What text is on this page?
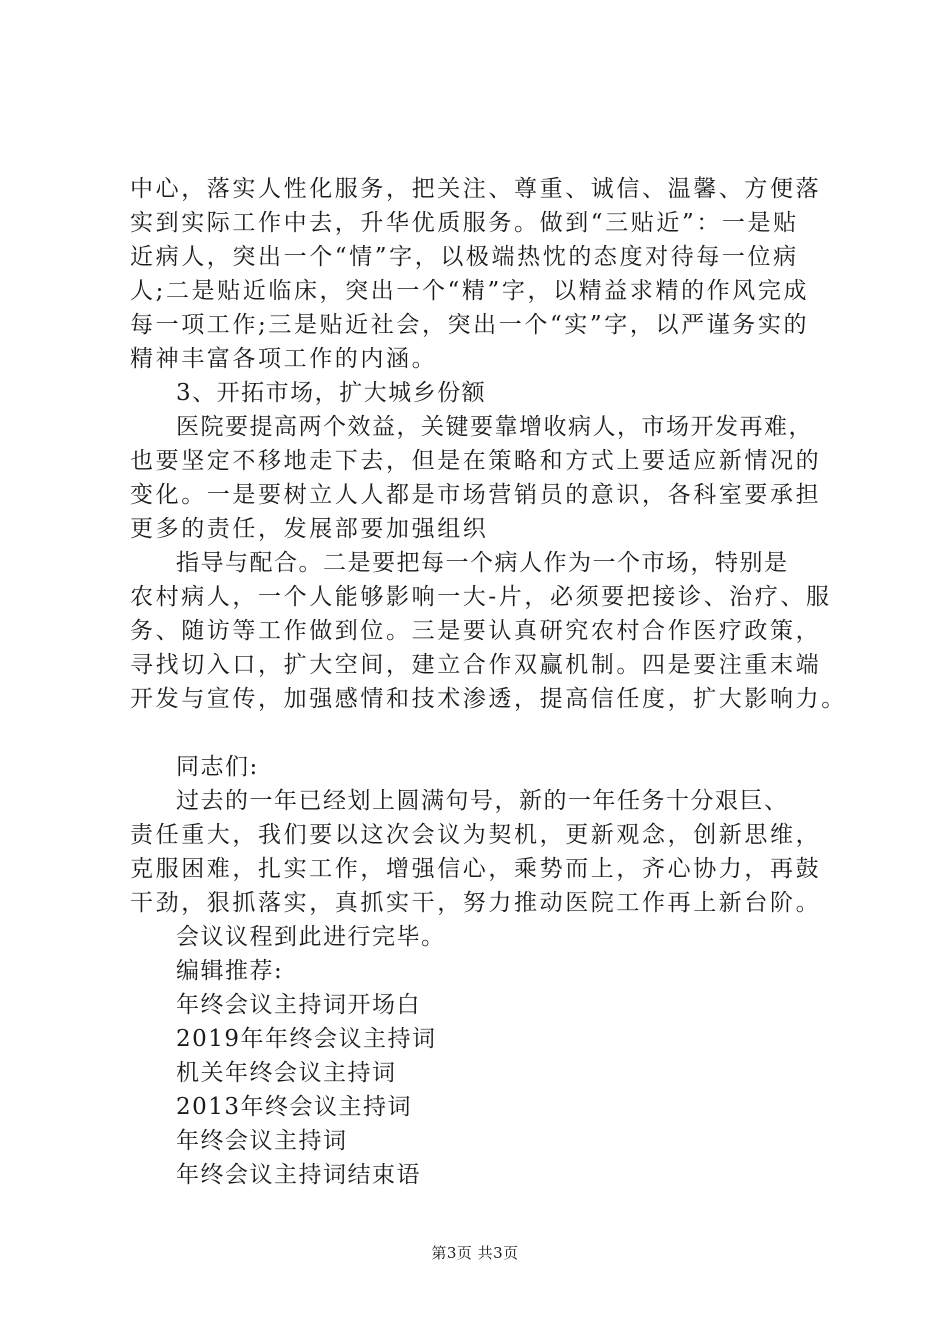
中心，落实人性化服务，把关注、尊重、诚信、温馨、方便落
实到实际工作中去，升华优质服务。做到“三贴近”：一是贴
近病人，突出一个“情”字，以极端热忱的态度对待每一位病
人;二是贴近临床，突出一个“精”字，以精益求精的作风完成
每一项工作;三是贴近社会，突出一个“实”字，以严谨务实的
精神丰富各项工作的内涵。
3、开拓市场，扩大城乡份额
医院要提高两个效益，关键要靠增收病人，市场开发再难，
也要坚定不移地走下去，但是在策略和方式上要适应新情况的
变化。一是要树立人人都是市场营销员的意识，各科室要承担
更多的责任，发展部要加强组织
指导与配合。二是要把每一个病人作为一个市场，特别是
农村病人，一个人能够影响一大-片，必须要把接诊、治疗、服
务、随访等工作做到位。三是要认真研究农村合作医疗政策，
寻找切入口，扩大空间，建立合作双赢机制。四是要注重末端
开发与宣传，加强感情和技术渗透，提高信任度，扩大影响力。
同志们:
过去的一年已经划上圆满句号，新的一年任务十分艰巨、
责任重大，我们要以这次会议为契机，更新观念，创新思维，
克服困难，扎实工作，增强信心，乘势而上，齐心协力，再鼓
干劲，狠抓落实，真抓实干，努力推动医院工作再上新台阶。
会议议程到此进行完毕。
编辑推荐:
年终会议主持词开场白
2019年年终会议主持词
机关年终会议主持词
2013年终会议主持词
年终会议主持词
年终会议主持词结束语
第3页 共3页
